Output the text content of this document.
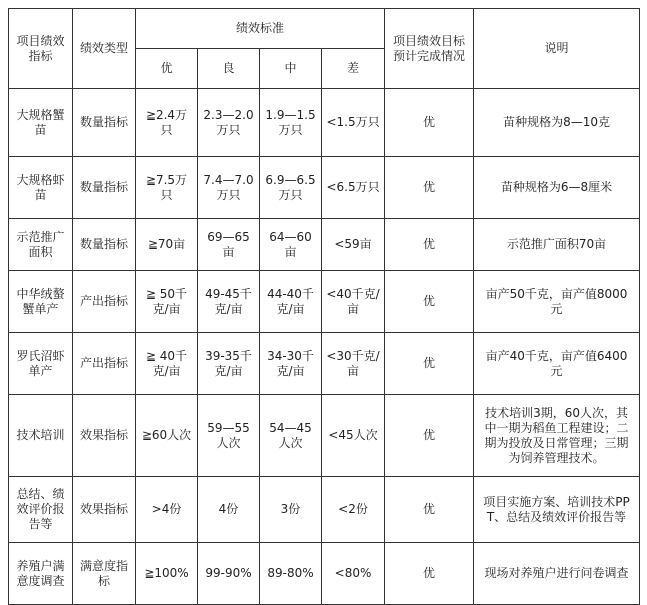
项目绩效指标	绩效类型	绩效标准				项目绩效目标预计完成情况	说明
		优	良	中	差		
大规格蟹苗	数量指标	≧2.4万只	2.3—2.0万只	1.9—1.5万只	<1.5万只	优	苗种规格为8—10克
大规格虾苗	数量指标	≧7.5万只	7.4—7.0万只	6.9—6.5万只	<6.5万只	优	苗种规格为6—8厘米
示范推广面积	数量指标	≧70亩	69—65亩	64—60亩	<59亩	优	示范推广面积70亩
中华绒螯蟹单产	产出指标	≧ 50千克/亩	49-45千克/亩	44-40千克/亩	<40千克/亩	优	亩产50千克，亩产值8000元
罗氏沼虾单产	产出指标	≧ 40千克/亩	39-35千克/亩	34-30千克/亩	<30千克/亩	优	亩产40千克，亩产值6400元
技术培训	效果指标	≧60人次	59—55人次	54—45人次	<45人次	优	技术培训3期，60人次，其中一期为稻鱼工程建设；二期为投放及日常管理；三期为饲养管理技术。
总结、绩效评价报告等	效果指标	>4份	4份	3份	<2份	优	项目实施方案、培训技术PPT、总结及绩效评价报告等
养殖户满意度调查	满意度指标	≧100%	99-90%	89-80%	<80%	优	现场对养殖户进行问卷调查
